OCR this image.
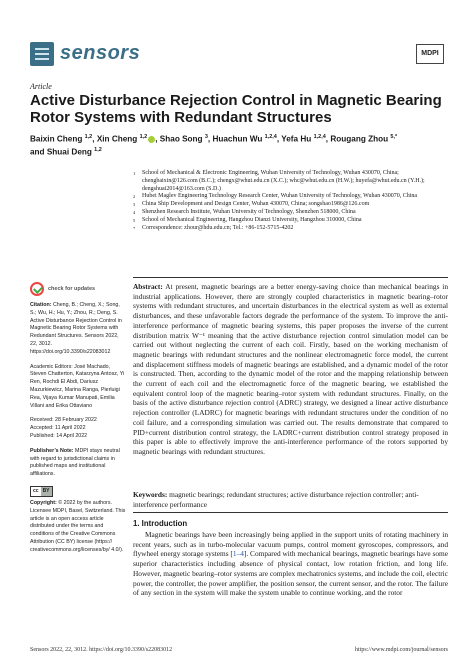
sensors	MDPI
Article
Active Disturbance Rejection Control in Magnetic Bearing Rotor Systems with Redundant Structures
Baixin Cheng $^{1,2}$, Xin Cheng $^{1,2}$ , Shao Song $^3$, Huachun Wu $^{1,2,4}$, Yefa Hu $^{1,2,4}$, Rougang Zhou $^{5,*}$
and Shuai Deng $^{1,2}$
1	School of Mechanical & Electronic Engineering, Wuhan University of Technology, Wuhan 430070, China; chengbaixin@126.com (B.C.); chengx@whut.edu.cn (X.C.); whc@whut.edu.cn (H.W.); huyefa@whut.edu.cn (Y.H.); dengshuai2014@163.com (S.D.)
2	Hubei Maglev Engineering Technology Research Center, Wuhan University of Technology, Wuhan 430070, China
3	China Ship Development and Design Center, Wuhan 430070, China; songshao1986@126.com
4	Shenzhen Research Institute, Wuhan University of Technology, Shenzhen 518000, China
5	School of Mechanical Engineering, Hangzhou Dianzi University, Hangzhou 310000, China
*	Correspondence: zhour@hdu.edu.cn; Tel.: +86-152-5715-4202
check for updates
Citation: Cheng, B.; Cheng, X.; Song, S.; Wu, H.; Hu, Y.; Zhou, R.; Deng, S. Active Disturbance Rejection Control in Magnetic Bearing Rotor Systems with Redundant Structures. Sensors 2022, 22, 3012. https://doi.org/10.3390/s22083012
Academic Editors: José Machado, Steven Chatterton, Katarzyna Antosz, Yi Ren, Rochdi El Abdi, Dariusz Mazurkiewicz, Marina Ranga, Pierluigi Rea, Vijaya Kumar Manupati, Emilia Villani and Erika Ottaviano
Received: 28 February 2022
Accepted: 11 April 2022
Published: 14 April 2022
Publisher’s Note: MDPI stays neutral with regard to jurisdictional claims in published maps and institutional affiliations.
cc BY
Copyright: © 2022 by the authors. Licensee MDPI, Basel, Switzerland. This article is an open access article distributed under the terms and conditions of the Creative Commons Attribution (CC BY) license (https:// creativecommons.org/licenses/by/ 4.0/).
Abstract: At present, magnetic bearings are a better energy-saving choice than mechanical bearings in industrial applications. However, there are strongly coupled characteristics in magnetic bearing–rotor systems with redundant structures, and uncertain disturbances in the electrical system as well as external disturbances, and these unfavorable factors degrade the performance of the system. To improve the anti-interference performance of magnetic bearing systems, this paper proposes the inverse of the current distribution matrix W⁻¹ meaning that the active disturbance rejection control simulation model can be carried out without neglecting the current of each coil. Firstly, based on the working mechanism of magnetic bearings with redundant structures and the nonlinear electromagnetic force model, the current and displacement stiffness models of magnetic bearings are established, and a dynamic model of the rotor is constructed. Then, according to the dynamic model of the rotor and the mapping relationship between the current of each coil and the electromagnetic force of the magnetic bearing, we established the equivalent control loop of the magnetic bearing–rotor system with redundant structures. Finally, on the basis of the active disturbance rejection control (ADRC) strategy, we designed a linear active disturbance rejection controller (LADRC) for magnetic bearings with redundant structures under the condition of no coil failure, and a corresponding simulation was carried out. The results demonstrate that compared to PID+current distribution control strategy, the LADRC+current distribution control strategy proposed in this paper is able to effectively improve the anti-interference performance of the rotors supported by magnetic bearings with redundant structures.
Keywords: magnetic bearings; redundant structures; active disturbance rejection controller; anti-interference performance
1. Introduction
Magnetic bearings have been increasingly being applied in the support units of rotating machinery in recent years, such as in turbo-molecular vacuum pumps, control moment gyroscopes, compressors, and flywheel energy storage systems [1–4]. Compared with mechanical bearings, magnetic bearings have some superior characteristics including absence of physical contact, low rotation friction, and long life. However, magnetic bearing–rotor systems are complex mechatronics systems, and include the coil, electric power, the controller, the power amplifier, the position sensor, the current sensor, and the rotor. The failure of any section in the system will make the system unable to continue working, and the rotor
Sensors 2022, 22, 3012. https://doi.org/10.3390/s22083012	https://www.mdpi.com/journal/sensors
